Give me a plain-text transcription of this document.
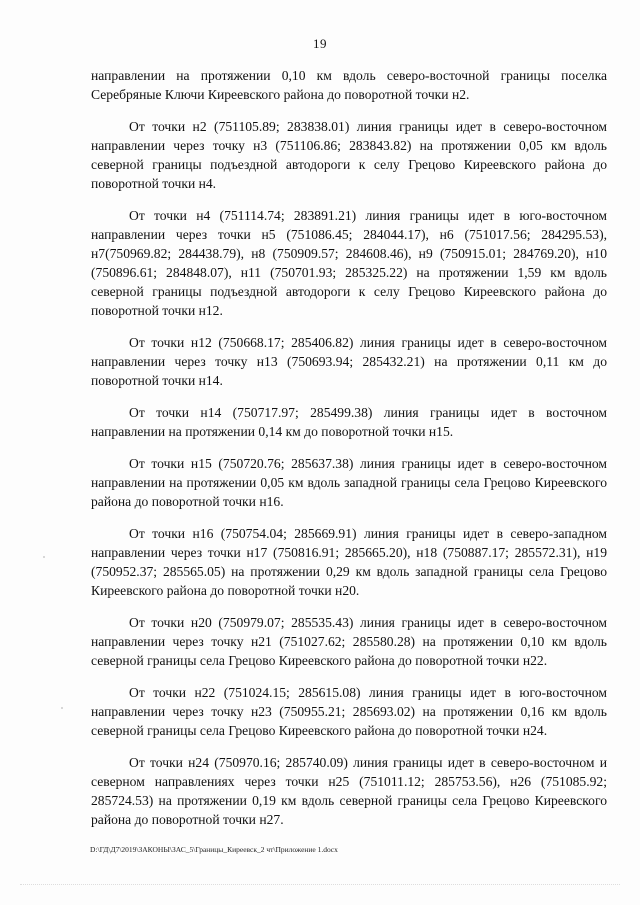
19

направлении на протяжении 0,10 км вдоль северо-восточной границы поселка Серебряные Ключи Киреевского района до поворотной точки н2.

От точки н2 (751105.89; 283838.01) линия границы идет в северо-восточном направлении через точку н3 (751106.86; 283843.82) на протяжении 0,05 км вдоль северной границы подъездной автодороги к селу Грецово Киреевского района до поворотной точки н4.

От точки н4 (751114.74; 283891.21) линия границы идет в юго-восточном направлении через точки н5 (751086.45; 284044.17), н6 (751017.56; 284295.53), н7(750969.82; 284438.79), н8 (750909.57; 284608.46), н9 (750915.01; 284769.20), н10 (750896.61; 284848.07), н11 (750701.93; 285325.22) на протяжении 1,59 км вдоль северной границы подъездной автодороги к селу Грецово Киреевского района до поворотной точки н12.

От точки н12 (750668.17; 285406.82) линия границы идет в северо-восточном направлении через точку н13 (750693.94; 285432.21) на протяжении 0,11 км до поворотной точки н14.

От точки н14 (750717.97; 285499.38) линия границы идет в восточном направлении на протяжении 0,14 км до поворотной точки н15.

От точки н15 (750720.76; 285637.38) линия границы идет в северо-восточном направлении на протяжении 0,05 км вдоль западной границы села Грецово Киреевского района до поворотной точки н16.

От точки н16 (750754.04; 285669.91) линия границы идет в северо-западном направлении через точки н17 (750816.91; 285665.20), н18 (750887.17; 285572.31), н19 (750952.37; 285565.05) на протяжении 0,29 км вдоль западной границы села Грецово Киреевского района до поворотной точки н20.

От точки н20 (750979.07; 285535.43) линия границы идет в северо-восточном направлении через точку н21 (751027.62; 285580.28) на протяжении 0,10 км вдоль северной границы села Грецово Киреевского района до поворотной точки н22.

От точки н22 (751024.15; 285615.08) линия границы идет в юго-восточном направлении через точку н23 (750955.21; 285693.02) на протяжении 0,16 км вдоль северной границы села Грецово Киреевского района до поворотной точки н24.

От точки н24 (750970.16; 285740.09) линия границы идет в северо-восточном и северном направлениях через точки н25 (751011.12; 285753.56), н26 (751085.92; 285724.53) на протяжении 0,19 км вдоль северной границы села Грецово Киреевского района до поворотной точки н27.

D:\ГД\Д7\2019\ЗАКОНЫ\ЗАС_5\Границы_Киреевск_2 чт\Приложение 1.docx
